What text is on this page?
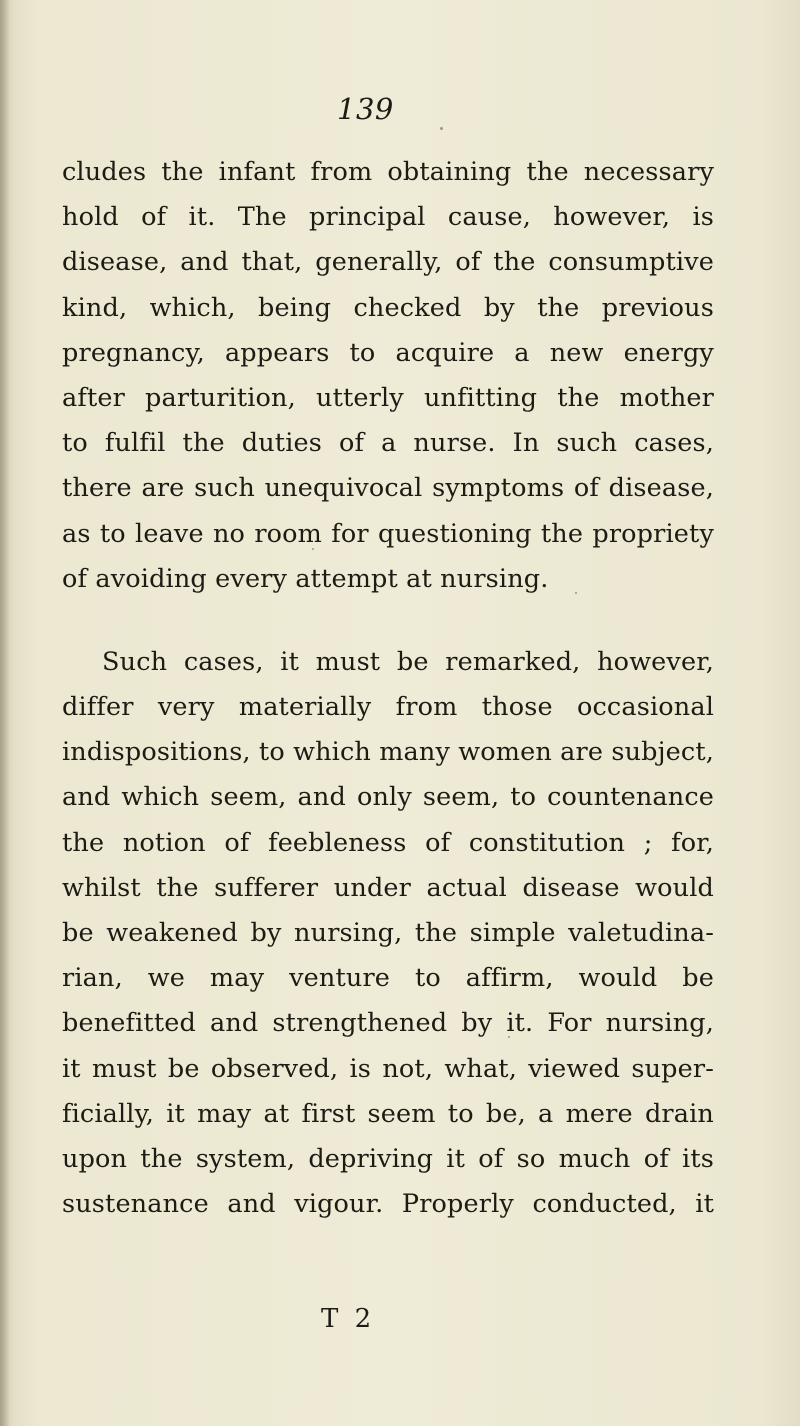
139
cludes the infant from obtaining the necessary
hold of it. The principal cause, however, is
disease, and that, generally, of the consumptive
kind, which, being checked by the previous
pregnancy, appears to acquire a new energy
after parturition, utterly unfitting the mother
to fulfil the duties of a nurse. In such cases,
there are such unequivocal symptoms of disease,
as to leave no room for questioning the propriety
of avoiding every attempt at nursing.
Such cases, it must be remarked, however,
differ very materially from those occasional
indispositions, to which many women are subject,
and which seem, and only seem, to countenance
the notion of feebleness of constitution ; for,
whilst the sufferer under actual disease would
be weakened by nursing, the simple valetudina-
rian, we may venture to affirm, would be
benefitted and strengthened by it. For nursing,
it must be observed, is not, what, viewed super-
ficially, it may at first seem to be, a mere drain
upon the system, depriving it of so much of its
sustenance and vigour. Properly conducted, it
T 2
